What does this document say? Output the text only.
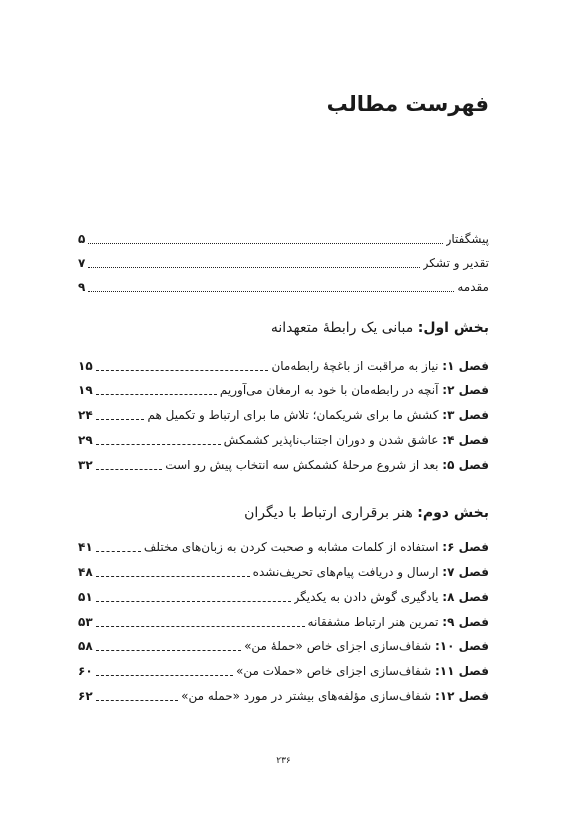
فهرست مطالب
پیشگفتار
۵
تقدیر و تشکر
۷
مقدمه
۹
بخش اول: مبانی یک رابطۀ متعهدانه
فصل ۱: نیاز به مراقبت از باغچۀ رابطه‌مان
۱۵
فصل ۲: آنچه در رابطه‌مان با خود به ارمغان می‌آوریم
۱۹
فصل ۳: کشش ما برای شریکمان؛ تلاش ما برای ارتباط و تکمیل هم
۲۴
فصل ۴: عاشق شدن و دوران اجتناب‌ناپذیر کشمکش
۲۹
فصل ۵: بعد از شروع مرحلۀ کشمکش سه انتخاب پیش رو است
۳۲
بخش دوم: هنر برقراری ارتباط با دیگران
فصل ۶: استفاده از کلمات مشابه و صحبت کردن به زبان‌های مختلف
۴۱
فصل ۷: ارسال و دریافت پیام‌های تحریف‌نشده
۴۸
فصل ۸: یادگیری گوش دادن به یکدیگر
۵۱
فصل ۹: تمرین هنر ارتباط مشفقانه
۵۳
فصل ۱۰: شفاف‌سازی اجزای خاص «حملۀ من»
۵۸
فصل ۱۱: شفاف‌سازی اجزای خاص «حملات من»
۶۰
فصل ۱۲: شفاف‌سازی مؤلفه‌های بیشتر در مورد «حمله من»
۶۲
۲۳۶
